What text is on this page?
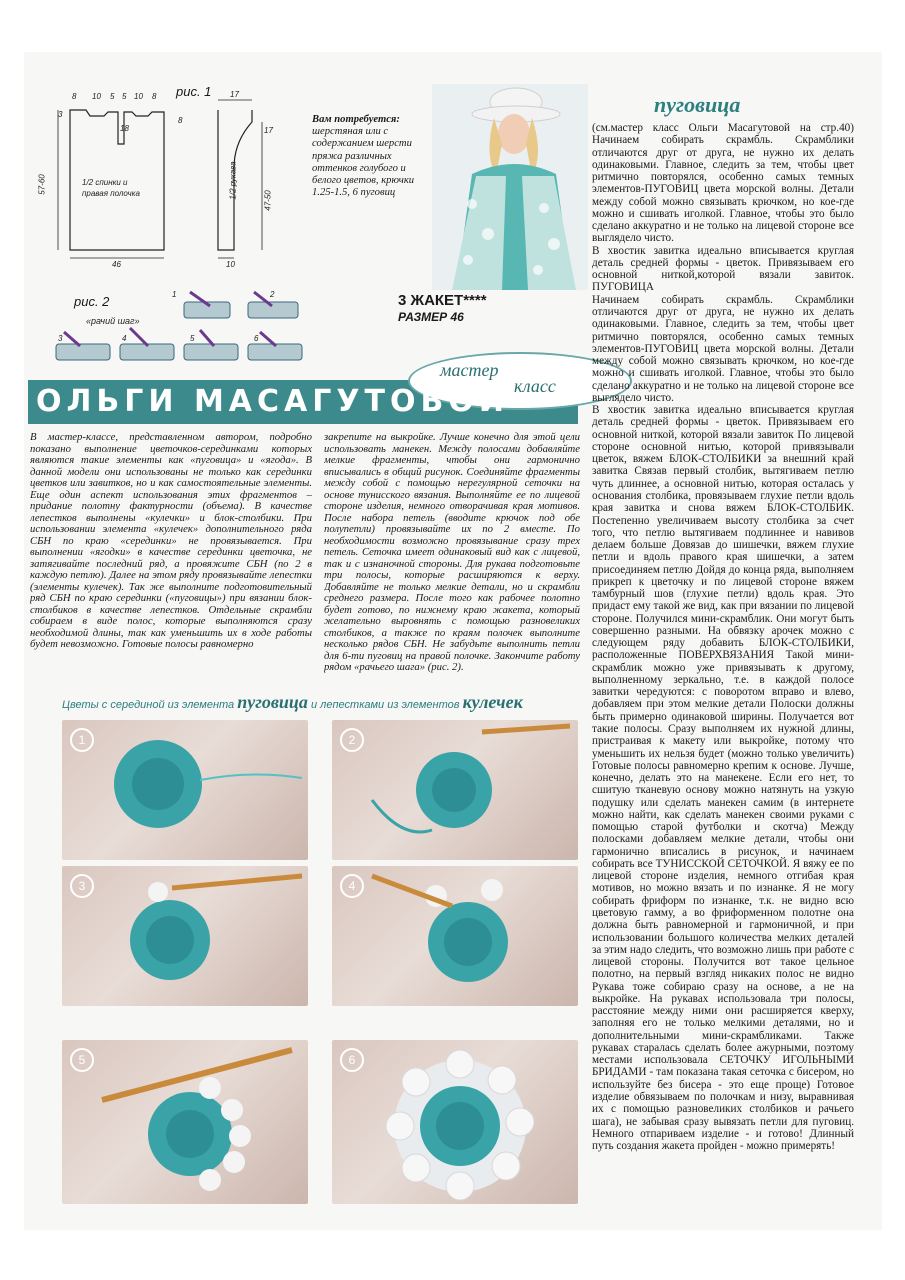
рис. 1
8 10 5 5 10 8
3
8
18
57-60	1/2 спинки и
правая полочка
46
17
17
1/2 рукава
47-50
10
рис. 2
«рачий шаг»
1	2
3	4	5	6
Вам потребуется:
шерстяная или с содержанием шерсти пряжа различных оттенков голубого и белого цветов, крючки 1.25-1.5, 6 пуговиц
3 ЖАКЕТ****
РАЗМЕР 46
мастер
класс
ОЛЬГИ МАСАГУТОВОЙ
В мастер-классе, представленном автором, подробно показано выполнение цветочков-серединками которых являются такие элементы как «пуговица» и «ягода». В данной модели они использованы не только как серединки цветков или завитков, но и как самостоятельные элементы. Еще один аспект использования этих фрагментов – придание полотну фактурности (объема). В качестве лепестков выполнены «кулечки» и блок-столбики. При использовании элемента «кулечек» дополнительного ряда СБН по краю «серединки» не провязывается. При выполнении «ягодки» в качестве серединки цветочка, не затягивайте последний ряд, а провяжите СБН (по 2 в каждую петлю). Далее на этом ряду провязывайте лепестки (элементы кулечек). Так же выполните подготовительный ряд СБН по краю серединки («пуговицы») при вязании блок-столбиков в качестве лепестков. Отдельные скрамбли собираем в виде полос, которые выполняются сразу необходимой длины, так как уменьшить их в ходе работы будет невозможно. Готовые полосы равномерно
закрепите на выкройке. Лучше конечно для этой цели использовать манекен. Между полосами добавляйте мелкие фрагменты, чтобы они гармонично вписывались в общий рисунок. Соединяйте фрагменты между собой с помощью нерегулярной сеточки на основе тунисского вязания. Выполняйте ее по лицевой стороне изделия, немного отворачивая края мотивов. После набора петель (вводите крючок под обе полупетли) провязывайте их по 2 вместе. По необходимости возможно провязывание сразу трех петель. Сеточка имеет одинаковый вид как с лицевой, так и с изнаночной стороны. Для рукава подготовьте три полосы, которые расширяются к верху. Добавляйте не только мелкие детали, но и скрамбли среднего размера. После того как рабочее полотно будет готово, по нижнему краю жакета, который желательно выровнять с помощью разновеликих столбиков, а также по краям полочек выполните несколько рядов СБН. Не забудьте выполнить петли для 6-ти пуговиц на правой полочке. Закончите работу рядом «рачьего шага» (рис. 2).
Цветы с серединой из элемента пуговица и лепестками из элементов кулечек
1	2
3	4
5	6
пуговица

(см.мастер класс Ольги Масагутовой на стр.40) Начинаем собирать скрамбль. Скрамблики отличаются друг от друга, не нужно их делать одинаковыми. Главное, следить за тем, чтобы цвет ритмично повторялся, особенно самых темных элементов-ПУГОВИЦ цвета морской волны. Детали между собой можно связывать крючком, но кое-где можно и сшивать иголкой. Главное, чтобы это было сделано аккуратно и не только на лицевой стороне все выглядело чисто.

В хвостик завитка идеально вписывается круглая деталь средней формы - цветок. Привязываем его основной ниткой,которой вязали завиток. ПУГОВИЦА

Начинаем собирать скрамбль. Скрамблики отличаются друг от друга, не нужно их делать одинаковыми. Главное, следить за тем, чтобы цвет ритмично повторялся, особенно самых темных элементов-ПУГОВИЦ цвета морской волны. Детали между собой можно связывать крючком, но кое-где можно и сшивать иголкой. Главное, чтобы это было сделано аккуратно и не только на лицевой стороне все выглядело чисто.

В хвостик завитка идеально вписывается круглая деталь средней формы - цветок. Привязываем его основной ниткой, которой вязали завиток По лицевой стороне основной нитью, которой привязывали цветок, вяжем БЛОК-СТОЛБИКИ за внешний край завитка Связав первый столбик, вытягиваем петлю чуть длиннее, а основной нитью, которая осталась у основания столбика, провязываем глухие петли вдоль края завитка и снова вяжем БЛОК-СТОЛБИК. Постепенно увеличиваем высоту столбика за счет того, что петлю вытягиваем подлиннее и навивов делаем больше Довязав до шишечки, вяжем глухие петли и вдоль правого края шишечки, а затем присоединяем петлю Дойдя до конца ряда, выполняем прикреп к цветочку и по лицевой стороне вяжем тамбурный шов (глухие петли) вдоль края. Это придаст ему такой же вид, как при вязании по лицевой стороне. Получился мини-скрамблик. Они могут быть совершенно разными. На обвязку арочек можно с следующем ряду добавить БЛОК-СТОЛБИКИ, расположенные ПОВЕРХВЯЗАНИЯ Такой мини-скрамблик можно уже привязывать к другому, выполненному зеркально, т.е. в каждой полосе завитки чередуются: с поворотом вправо и влево, добавляем при этом мелкие детали Полоски должны быть примерно одинаковой ширины. Получается вот такие полосы. Сразу выполняем их нужной длины, пристраивая к макету или выкройке, потому что уменьшить их нельзя будет (можно только увеличить) Готовые полосы равномерно крепим к основе. Лучше, конечно, делать это на манекене. Если его нет, то сшитую тканевую основу можно натянуть на узкую подушку или сделать манекен самим (в интернете можно найти, как сделать манекен своими руками с помощью старой футболки и скотча) Между полосками добавляем мелкие детали, чтобы они гармонично вписались в рисунок, и начинаем собирать все ТУНИССКОЙ СЕТОЧКОЙ. Я вяжу ее по лицевой стороне изделия, немного отгибая края мотивов, но можно вязать и по изнанке. Я не могу собирать фриформ по изнанке, т.к. не видно всю цветовую гамму, а во фриформенном полотне она должна быть равномерной и гармоничной, и при использовании большого количества мелких деталей за этим надо следить, что возможно лишь при работе с лицевой стороны. Получится вот такое цельное полотно, на первый взгляд никаких полос не видно Рукава тоже собираю сразу на основе, а не на выкройке. На рукавах использовала три полосы, расстояние между ними они расширяется кверху, заполняя его не только мелкими деталями, но и дополнительными мини-скрамбликами. Также рукавах старалась сделать более ажурными, поэтому местами использовала СЕТОЧКУ ИГОЛЬНЫМИ БРИДАМИ - там показана такая сеточка с бисером, но используйте без бисера - это еще проще) Готовое изделие обвязываем по полочкам и низу, выравнивая их с помощью разновеликих столбиков и рачьего шага), не забывая сразу вывязать петли для пуговиц. Немного отпариваем изделие - и готово! Длинный путь создания жакета пройден - можно примерять!
